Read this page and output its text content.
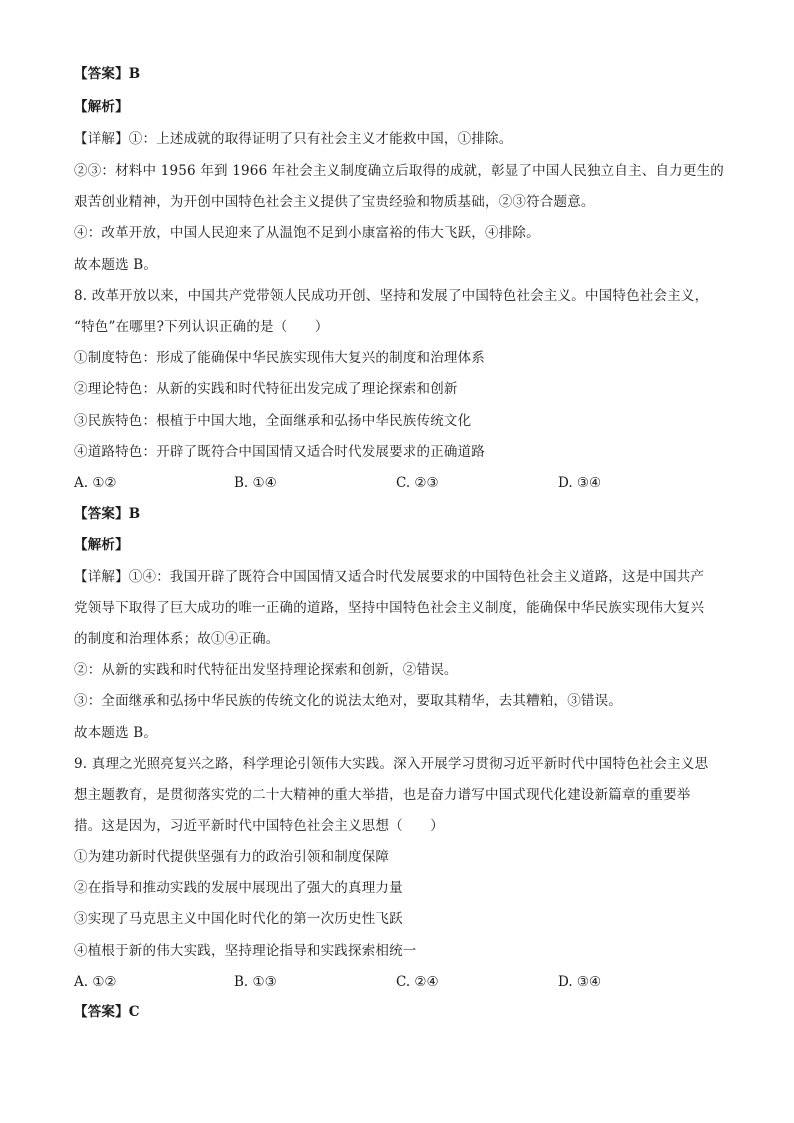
【答案】B
【解析】
【详解】①：上述成就的取得证明了只有社会主义才能救中国，①排除。
②③：材料中 1956 年到 1966 年社会主义制度确立后取得的成就，彰显了中国人民独立自主、自力更生的
艰苦创业精神，为开创中国特色社会主义提供了宝贵经验和物质基础，②③符合题意。
④：改革开放，中国人民迎来了从温饱不足到小康富裕的伟大飞跃，④排除。
故本题选 B。
8. 改革开放以来，中国共产党带领人民成功开创、坚持和发展了中国特色社会主义。中国特色社会主义，
“特色”在哪里?下列认识正确的是（　　）
①制度特色：形成了能确保中华民族实现伟大复兴的制度和治理体系
②理论特色：从新的实践和时代特征出发完成了理论探索和创新
③民族特色：根植于中国大地，全面继承和弘扬中华民族传统文化
④道路特色：开辟了既符合中国国情又适合时代发展要求的正确道路
A. ①②	B. ①④	C. ②③	D. ③④
【答案】B
【解析】
【详解】①④：我国开辟了既符合中国国情又适合时代发展要求的中国特色社会主义道路，这是中国共产
党领导下取得了巨大成功的唯一正确的道路，坚持中国特色社会主义制度，能确保中华民族实现伟大复兴
的制度和治理体系；故①④正确。
②：从新的实践和时代特征出发坚持理论探索和创新，②错误。
③：全面继承和弘扬中华民族的传统文化的说法太绝对，要取其精华，去其糟粕，③错误。
故本题选 B。
9. 真理之光照亮复兴之路，科学理论引领伟大实践。深入开展学习贯彻习近平新时代中国特色社会主义思
想主题教育，是贯彻落实党的二十大精神的重大举措，也是奋力谱写中国式现代化建设新篇章的重要举
措。这是因为，习近平新时代中国特色社会主义思想（　　）
①为建功新时代提供坚强有力的政治引领和制度保障
②在指导和推动实践的发展中展现出了强大的真理力量
③实现了马克思主义中国化时代化的第一次历史性飞跃
④植根于新的伟大实践，坚持理论指导和实践探索相统一
A. ①②	B. ①③	C. ②④	D. ③④
【答案】C
